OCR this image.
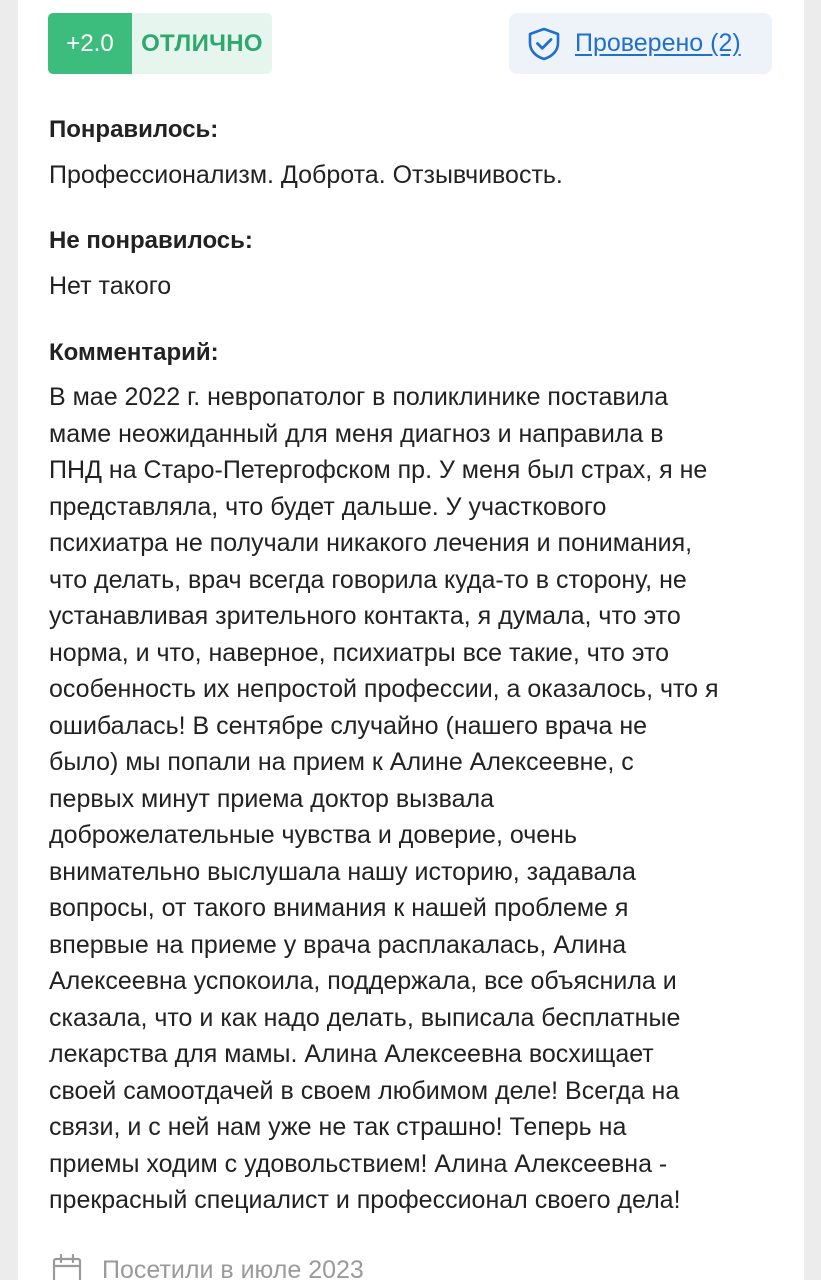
+2.0	ОТЛИЧНО	Проверено (2)
Понравилось:
Профессионализм. Доброта. Отзывчивость.
Не понравилось:
Нет такого
Комментарий:
В мае 2022 г. невропатолог в поликлинике поставила
маме неожиданный для меня диагноз и направила в
ПНД на Старо-Петергофском пр. У меня был страх, я не
представляла, что будет дальше. У участкового
психиатра не получали никакого лечения и понимания,
что делать, врач всегда говорила куда-то в сторону, не
устанавливая зрительного контакта, я думала, что это
норма, и что, наверное, психиатры все такие, что это
особенность их непростой профессии, а оказалось, что я
ошибалась! В сентябре случайно (нашего врача не
было) мы попали на прием к Алине Алексеевне, с
первых минут приема доктор вызвала
доброжелательные чувства и доверие, очень
внимательно выслушала нашу историю, задавала
вопросы, от такого внимания к нашей проблеме я
впервые на приеме у врача расплакалась, Алина
Алексеевна успокоила, поддержала, все объяснила и
сказала, что и как надо делать, выписала бесплатные
лекарства для мамы. Алина Алексеевна восхищает
своей самоотдачей в своем любимом деле! Всегда на
связи, и с ней нам уже не так страшно! Теперь на
приемы ходим с удовольствием! Алина Алексеевна -
прекрасный специалист и профессионал своего дела!
Посетили в июле 2023
